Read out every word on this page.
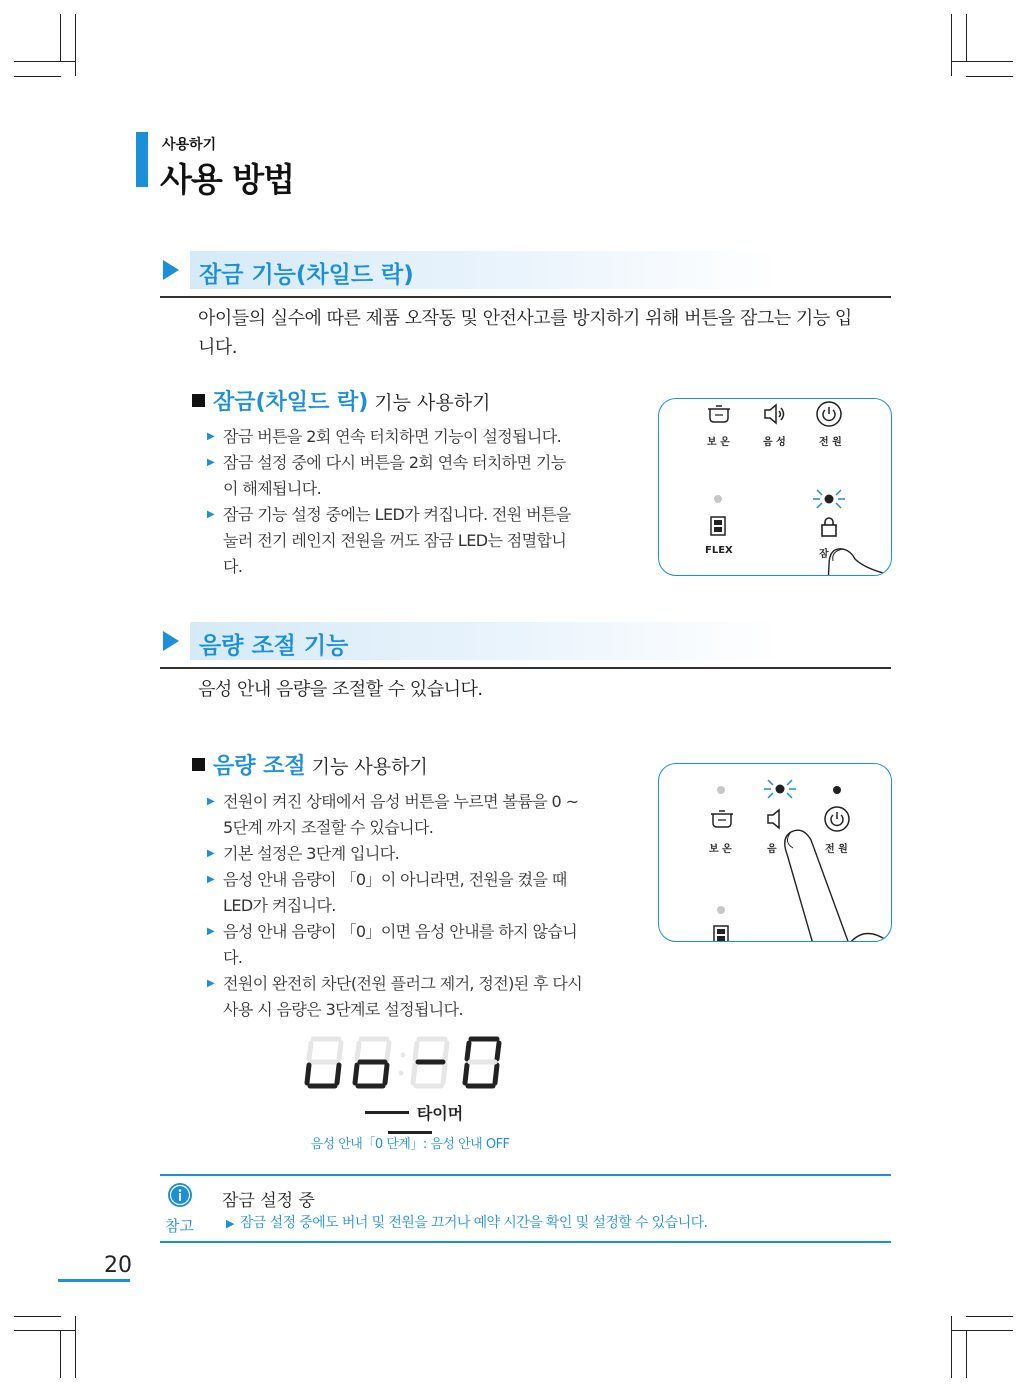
사용하기
사용 방법
잠금 기능(차일드 락)
아이들의 실수에 따른 제품 오작동 및 안전사고를 방지하기 위해 버튼을 잠그는 기능 입니다.
잠금(차일드 락) 기능 사용하기
▶ 잠금 버튼을 2회 연속 터치하면 기능이 설정됩니다.
▶ 잠금 설정 중에 다시 버튼을 2회 연속 터치하면 기능이 해제됩니다.
▶ 잠금 기능 설정 중에는 LED가 켜집니다. 전원 버튼을 눌러 전기 레인지 전원을 꺼도 잠금 LED는 점멸합니다.
보 온	음 성	전 원
FLEX	잠
음량 조절 기능
음성 안내 음량을 조절할 수 있습니다.
음량 조절 기능 사용하기
▶ 전원이 켜진 상태에서 음성 버튼을 누르면 볼륨을 0 ~ 5단계 까지 조절할 수 있습니다.
▶ 기본 설정은 3단계 입니다.
▶ 음성 안내 음량이 「0」이 아니라면, 전원을 켰을 때 LED가 켜집니다.
▶ 음성 안내 음량이 「0」이면 음성 안내를 하지 않습니다.
▶ 전원이 완전히 차단(전원 플러그 제거, 정전)된 후 다시 사용 시 음량은 3단계로 설정됩니다.
보 온	음	전 원
타이머
음성 안내「0 단계」: 음성 안내 OFF
참고
잠금 설정 중
▶ 잠금 설정 중에도 버너 및 전원을 끄거나 예약 시간을 확인 및 설정할 수 있습니다.
20
